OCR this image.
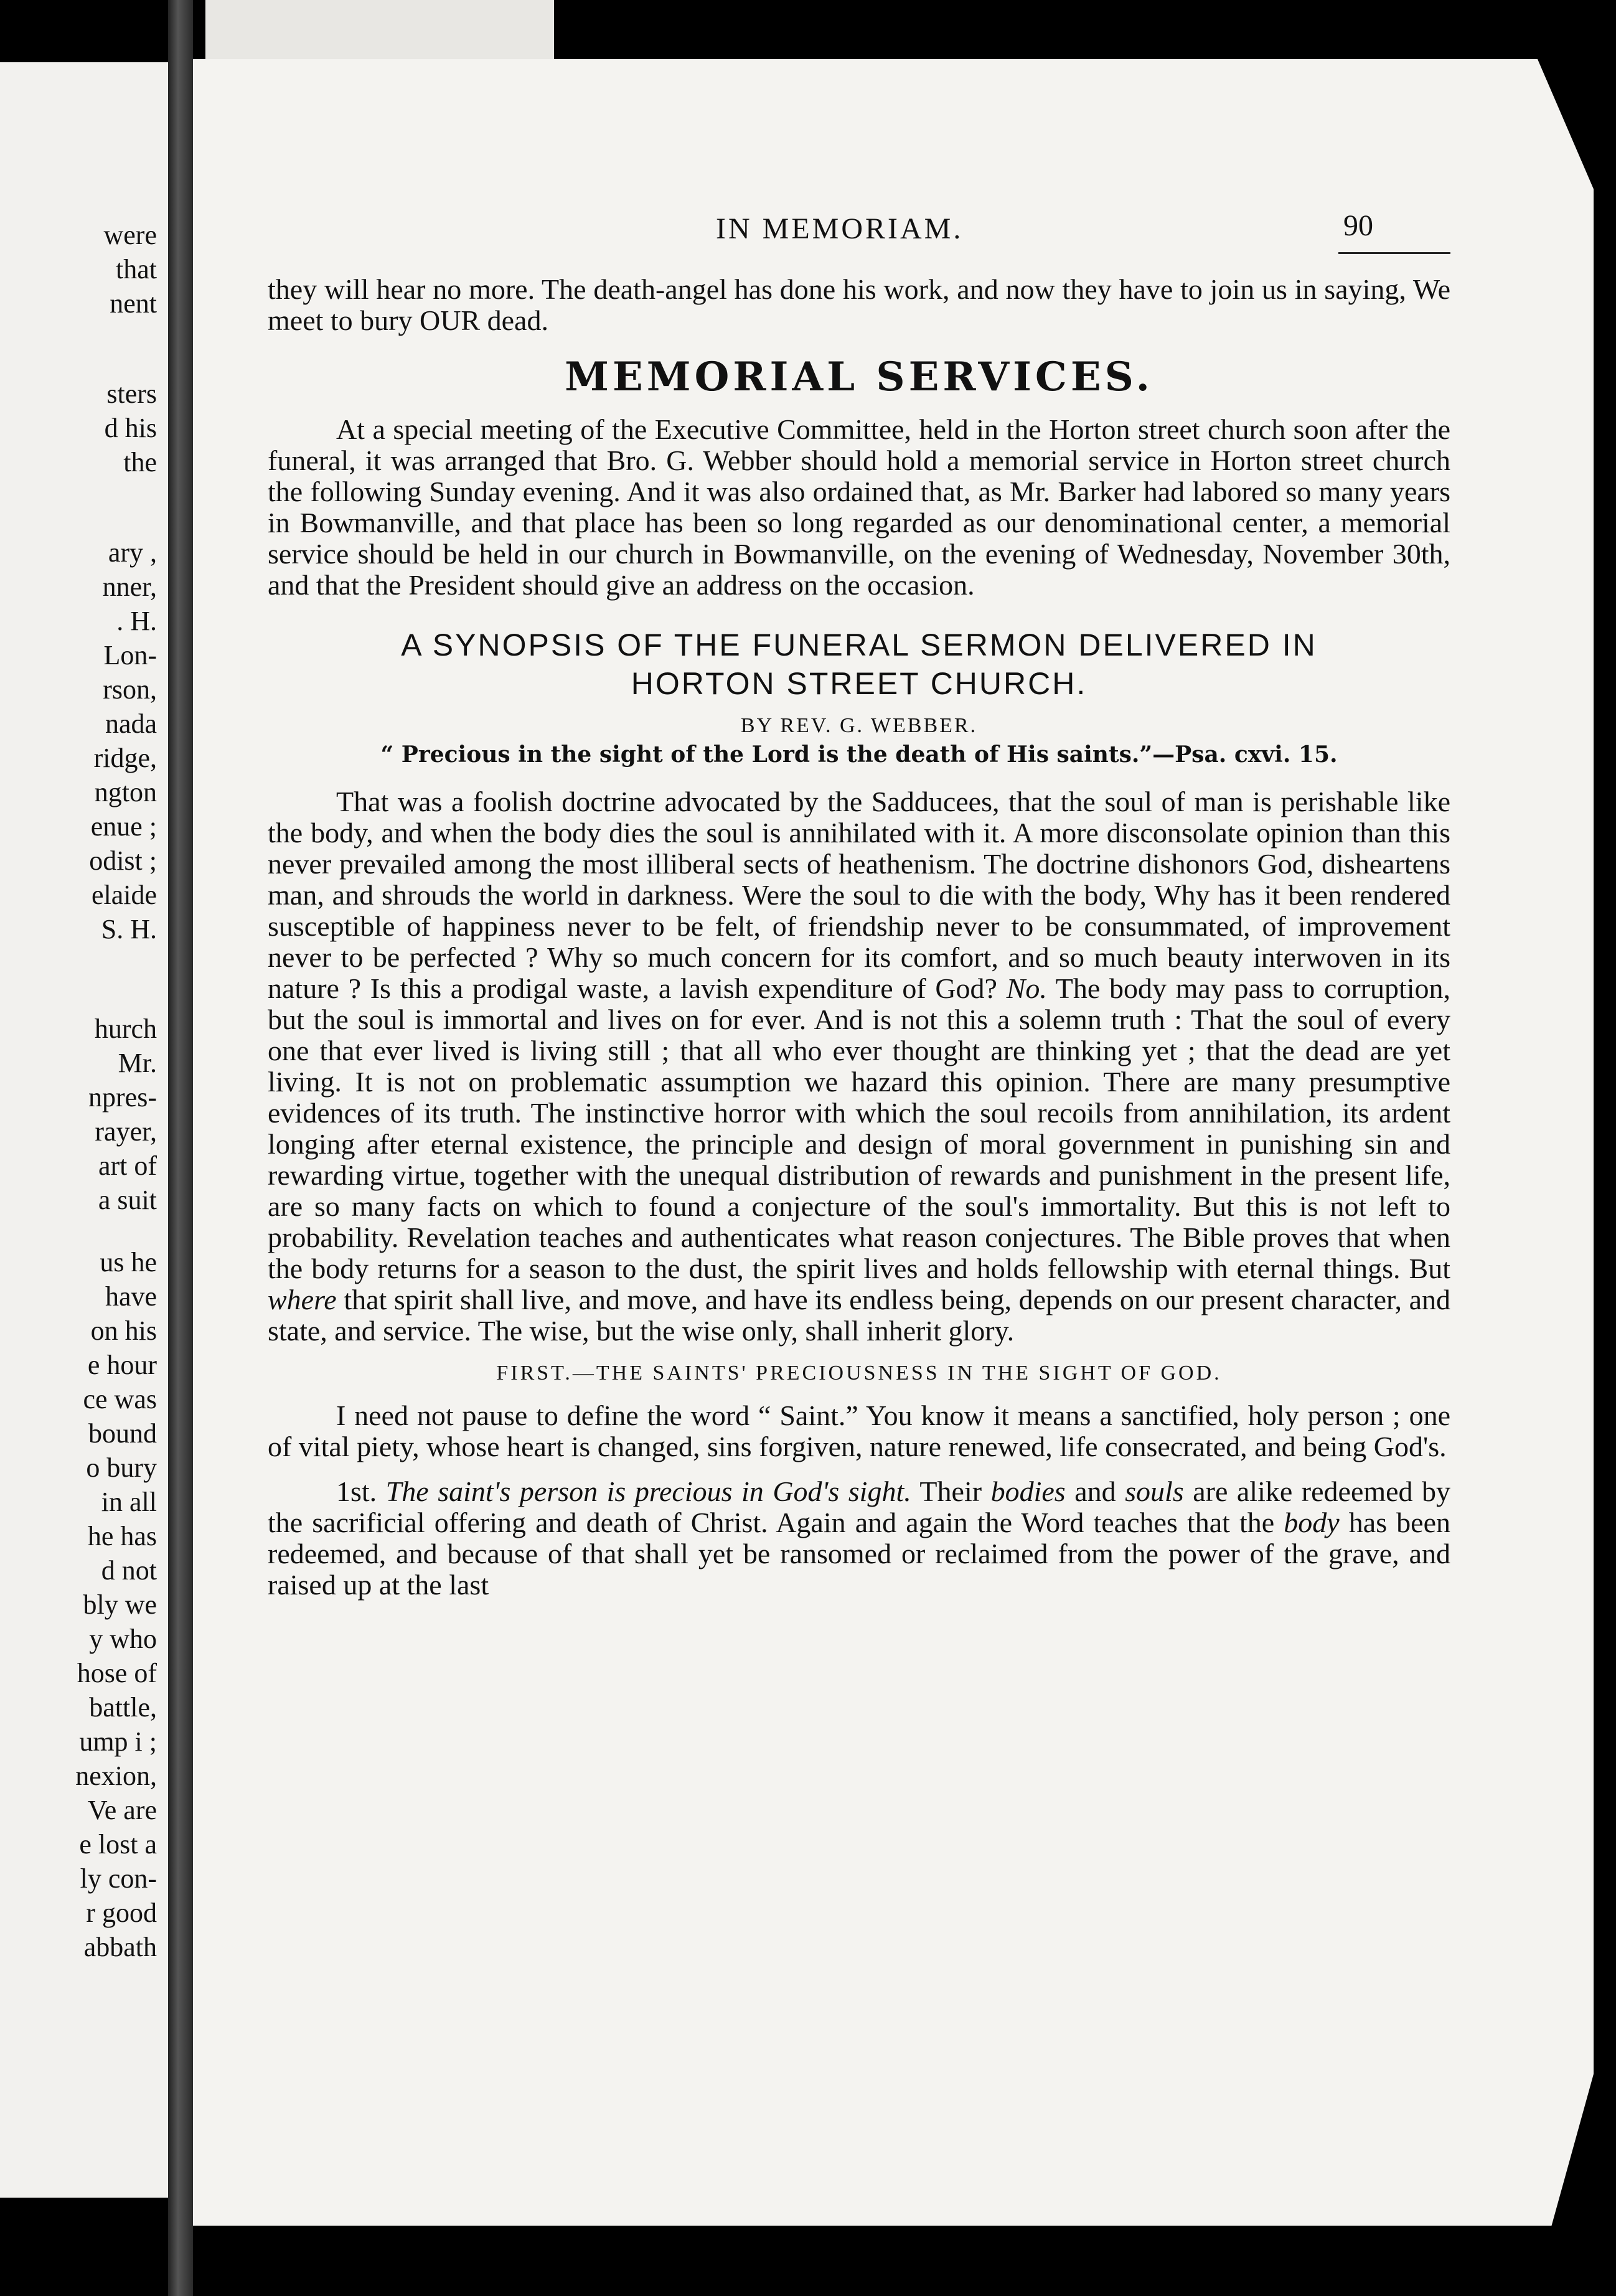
were
that
nent
sters
d his
the
ary ,
nner,
. H.
Lon-
rson,
nada
ridge,
ngton
enue ;
odist ;
elaide
S. H.
hurch
Mr.
npres-
rayer,
art of
a suit
us he
have
on his
e hour
ce was
bound
o bury
in all
he has
d not
bly we
y who
hose of
battle,
ump i ;
nexion,
Ve are
e lost a
ly con-
r good
abbath
IN MEMORIAM.	90

they will hear no more. The death-angel has done his work, and now they have to join us in saying, We meet to bury OUR dead.

MEMORIAL SERVICES.

At a special meeting of the Executive Committee, held in the Horton street church soon after the funeral, it was arranged that Bro. G. Webber should hold a memorial service in Horton street church the following Sunday evening. And it was also ordained that, as Mr. Barker had labored so many years in Bowmanville, and that place has been so long regarded as our denominational center, a memorial service should be held in our church in Bowmanville, on the evening of Wednesday, November 30th, and that the President should give an address on the occasion.

A SYNOPSIS OF THE FUNERAL SERMON DELIVERED IN
HORTON STREET CHURCH.
BY REV. G. WEBBER.
“ Precious in the sight of the Lord is the death of His saints.”—Psa. cxvi. 15.

That was a foolish doctrine advocated by the Sadducees, that the soul of man is perishable like the body, and when the body dies the soul is annihilated with it. A more disconsolate opinion than this never prevailed among the most illiberal sects of heathenism. The doctrine dishonors God, disheartens man, and shrouds the world in darkness. Were the soul to die with the body, Why has it been rendered susceptible of happiness never to be felt, of friendship never to be consummated, of improvement never to be perfected ? Why so much concern for its comfort, and so much beauty interwoven in its nature ? Is this a prodigal waste, a lavish expenditure of God? No. The body may pass to corruption, but the soul is immortal and lives on for ever. And is not this a solemn truth : That the soul of every one that ever lived is living still ; that all who ever thought are thinking yet ; that the dead are yet living. It is not on problematic assumption we hazard this opinion. There are many presumptive evidences of its truth. The instinctive horror with which the soul recoils from annihilation, its ardent longing after eternal existence, the principle and design of moral government in punishing sin and rewarding virtue, together with the unequal distribution of rewards and punishment in the present life, are so many facts on which to found a conjecture of the soul's immortality. But this is not left to probability. Revelation teaches and authenticates what reason conjectures. The Bible proves that when the body returns for a season to the dust, the spirit lives and holds fellowship with eternal things. But where that spirit shall live, and move, and have its endless being, depends on our present character, and state, and service. The wise, but the wise only, shall inherit glory.

FIRST.—THE SAINTS' PRECIOUSNESS IN THE SIGHT OF GOD.

I need not pause to define the word “ Saint.” You know it means a sanctified, holy person ; one of vital piety, whose heart is changed, sins forgiven, nature renewed, life consecrated, and being God's.

1st. The saint's person is precious in God's sight. Their bodies and souls are alike redeemed by the sacrificial offering and death of Christ. Again and again the Word teaches that the body has been redeemed, and because of that shall yet be ransomed or reclaimed from the power of the grave, and raised up at the last
